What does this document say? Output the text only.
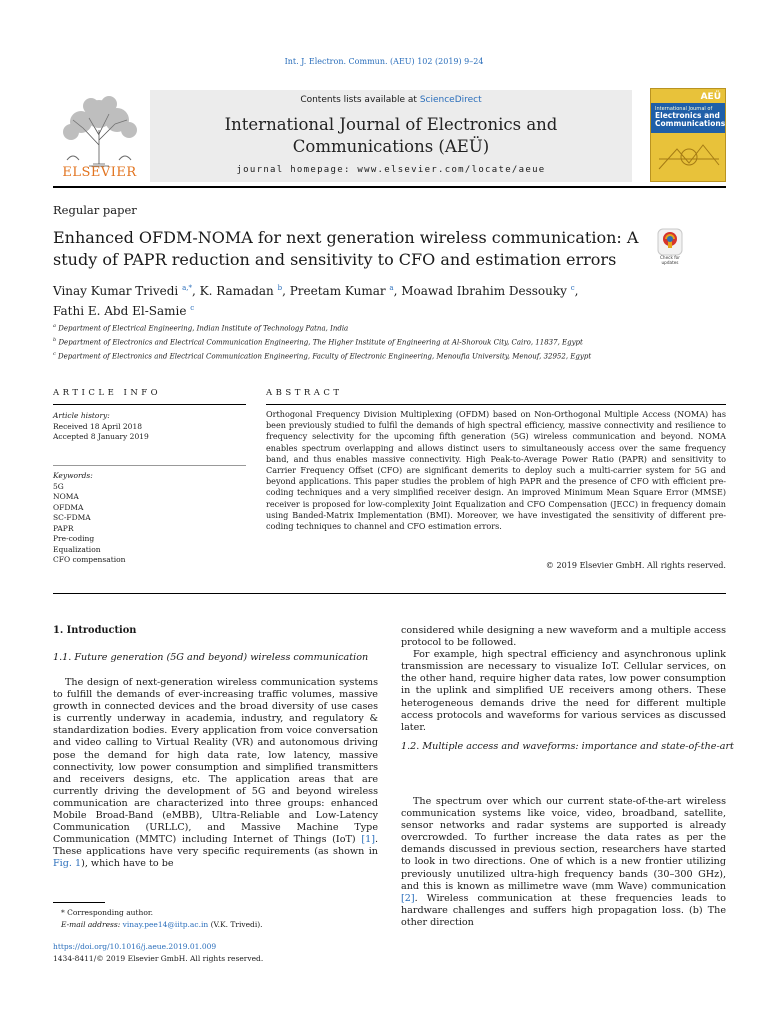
Int. J. Electron. Commun. (AEU) 102 (2019) 9–24
ELSEVIER
Contents lists available at ScienceDirect
International Journal of Electronics and
Communications (AEÜ)
journal homepage: www.elsevier.com/locate/aeue
AEÜ
International Journal of
Electronics and Communications
Regular paper
Enhanced OFDM-NOMA for next generation wireless communication: A
study of PAPR reduction and sensitivity to CFO and estimation errors	Check for updates
Vinay Kumar Trivedi $^{a,*}$, K. Ramadan $^b$, Preetam Kumar $^a$, Moawad Ibrahim Dessouky $^c$,
Fathi E. Abd El-Samie $^c$
$^a$ Department of Electrical Engineering, Indian Institute of Technology Patna, India
$^b$ Department of Electronics and Electrical Communication Engineering, The Higher Institute of Engineering at Al-Shorouk City, Cairo, 11837, Egypt
$^c$ Department of Electronics and Electrical Communication Engineering, Faculty of Electronic Engineering, Menoufia University, Menouf, 32952, Egypt
ARTICLE INFO
Article history:
Received 18 April 2018
Accepted 8 January 2019
Keywords:
5G
NOMA
OFDMA
SC-FDMA
PAPR
Pre-coding
Equalization
CFO compensation
ABSTRACT
Orthogonal Frequency Division Multiplexing (OFDM) based on Non-Orthogonal Multiple Access (NOMA) has been previously studied to fulfil the demands of high spectral efficiency, massive connectivity and resilience to frequency selectivity for the upcoming fifth generation (5G) wireless communication and beyond. NOMA enables spectrum overlapping and allows distinct users to simultaneously access over the same frequency band, and thus enables massive connectivity. High Peak-to-Average Power Ratio (PAPR) and sensitivity to Carrier Frequency Offset (CFO) are significant demerits to deploy such a multi-carrier system for 5G and beyond applications. This paper studies the problem of high PAPR and the presence of CFO with efficient pre-coding techniques and a very simplified receiver design. An improved Minimum Mean Square Error (MMSE) receiver is proposed for low-complexity Joint Equalization and CFO Compensation (JECC) in frequency domain using Banded-Matrix Implementation (BMI). Moreover, we have investigated the sensitivity of different pre-coding techniques to channel and CFO estimation errors.
© 2019 Elsevier GmbH. All rights reserved.
1. Introduction
1.1. Future generation (5G and beyond) wireless communication

The design of next-generation wireless communication systems to fulfill the demands of ever-increasing traffic volumes, massive growth in connected devices and the broad diversity of use cases is currently underway in academia, industry, and regulatory & standardization bodies. Every application from voice conversation and video calling to Virtual Reality (VR) and autonomous driving pose the demand for high data rate, low latency, massive connectivity, low power consumption and simplified transmitters and receivers designs, etc. The application areas that are currently driving the development of 5G and beyond wireless communication are characterized into three groups: enhanced Mobile Broad-Band (eMBB), Ultra-Reliable and Low-Latency Communication (URLLC), and Massive Machine Type Communication (MMTC) including Internet of Things (IoT) [1]. These applications have very specific requirements (as shown in Fig. 1), which have to be

considered while designing a new waveform and a multiple access protocol to be followed.

For example, high spectral efficiency and asynchronous uplink transmission are necessary to visualize IoT. Cellular services, on the other hand, require higher data rates, low power consumption in the uplink and simplified UE receivers among others. These heterogeneous demands drive the need for different multiple access protocols and waveforms for various services as discussed later.

1.2. Multiple access and waveforms: importance and state-of-the-art

The spectrum over which our current state-of-the-art wireless communication systems like voice, video, broadband, satellite, sensor networks and radar systems are supported is already overcrowded. To further increase the data rates as per the demands discussed in previous section, researchers have started to look in two directions. One of which is a new frontier utilizing previously unutilized ultra-high frequency bands (30–300 GHz), and this is known as millimetre wave (mm Wave) communication [2]. Wireless communication at these frequencies leads to hardware challenges and suffers high propagation loss. (b) The other direction

* Corresponding author.
E-mail address: vinay.pee14@iitp.ac.in (V.K. Trivedi).
https://doi.org/10.1016/j.aeue.2019.01.009
1434-8411/© 2019 Elsevier GmbH. All rights reserved.
